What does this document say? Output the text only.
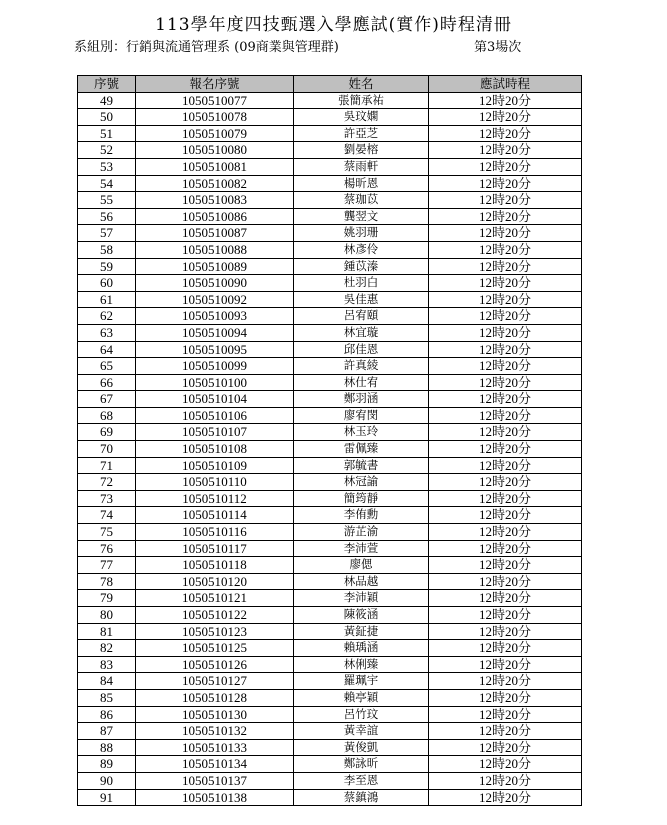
113學年度四技甄選入學應試(實作)時程清冊
系組別：行銷與流通管理系 (09商業與管理群)	第3場次
序號	報名序號	姓名	應試時程
49	1050510077	張簡承祐	12時20分
50	1050510078	吳玟嫻	12時20分
51	1050510079	許亞芝	12時20分
52	1050510080	劉晏榕	12時20分
53	1050510081	蔡雨軒	12時20分
54	1050510082	楊昕恩	12時20分
55	1050510083	蔡珈苡	12時20分
56	1050510086	龔翌文	12時20分
57	1050510087	姚羽珊	12時20分
58	1050510088	林彥伶	12時20分
59	1050510089	鍾苡溱	12時20分
60	1050510090	杜羽白	12時20分
61	1050510092	吳佳惠	12時20分
62	1050510093	呂宥頤	12時20分
63	1050510094	林宜璇	12時20分
64	1050510095	邱佳恩	12時20分
65	1050510099	許真綾	12時20分
66	1050510100	林仕宥	12時20分
67	1050510104	鄭羽涵	12時20分
68	1050510106	廖宥閔	12時20分
69	1050510107	林玉玲	12時20分
70	1050510108	雷佩臻	12時20分
71	1050510109	郭毓書	12時20分
72	1050510110	林冠諭	12時20分
73	1050510112	簡筠靜	12時20分
74	1050510114	李侑勳	12時20分
75	1050510116	游芷渝	12時20分
76	1050510117	李沛萱	12時20分
77	1050510118	廖偲	12時20分
78	1050510120	林品越	12時20分
79	1050510121	李沛穎	12時20分
80	1050510122	陳筱涵	12時20分
81	1050510123	黃鉦捷	12時20分
82	1050510125	賴瑀涵	12時20分
83	1050510126	林俐臻	12時20分
84	1050510127	羅珮宇	12時20分
85	1050510128	賴亭穎	12時20分
86	1050510130	呂竹玟	12時20分
87	1050510132	黃幸誼	12時20分
88	1050510133	黃俊凱	12時20分
89	1050510134	鄭詠昕	12時20分
90	1050510137	李至恩	12時20分
91	1050510138	蔡鎮鴻	12時20分
